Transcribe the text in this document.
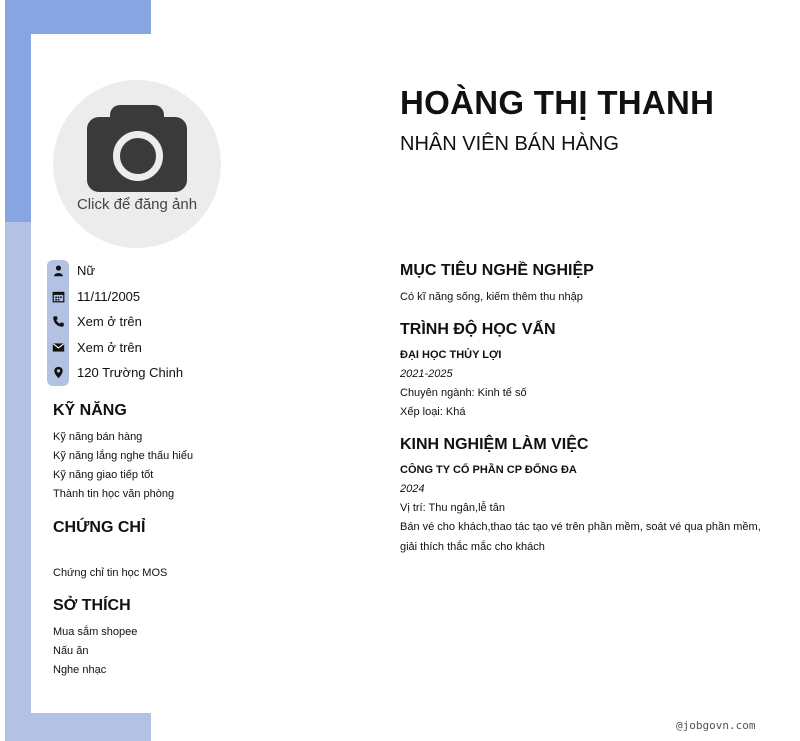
Click để đăng ảnh
HOÀNG THỊ THANH
NHÂN VIÊN BÁN HÀNG
Nữ
11/11/2005
Xem ở trên
Xem ở trên
120 Trường Chinh
KỸ NĂNG
Kỹ năng bán hàng
Kỹ năng lắng nghe thấu hiểu
Kỹ năng giao tiếp tốt
Thành tin học văn phòng
CHỨNG CHỈ
Chứng chỉ tin học MOS
SỞ THÍCH
Mua sắm shopee
Nấu ăn
Nghe nhạc
MỤC TIÊU NGHỀ NGHIỆP
Có kĩ năng sống, kiếm thêm thu nhập
TRÌNH ĐỘ HỌC VẤN
ĐẠI HỌC THỦY LỢI
2021-2025
Chuyên ngành: Kinh tế số
Xếp loại: Khá
KINH NGHIỆM LÀM VIỆC
CÔNG TY CỔ PHẦN CP ĐỐNG ĐA
2024
Vị trí: Thu ngân,lễ tân
Bán vé cho khách,thao tác tạo vé trên phần mềm, soát vé qua phần mềm, giải thích thắc mắc cho khách
@jobgovn.com
